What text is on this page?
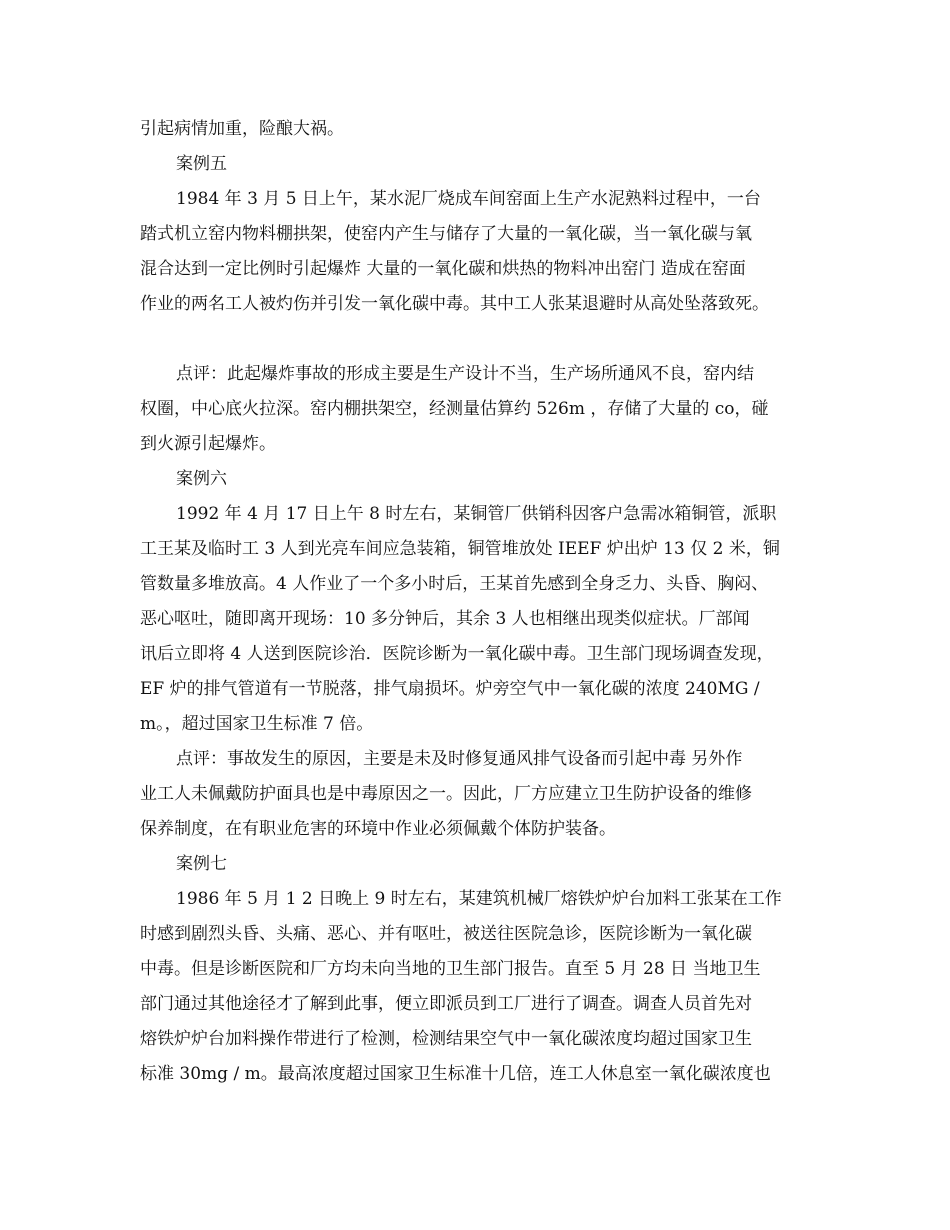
引起病情加重，险酿大祸。
案例五
1984 年 3 月 5 日上午，某水泥厂烧成车间窑面上生产水泥熟料过程中，一台
踏式机立窑内物料棚拱架，使窑内产生与储存了大量的一氧化碳，当一氧化碳与氧
混合达到一定比例时引起爆炸 大量的一氧化碳和烘热的物料冲出窑门 造成在窑面
作业的两名工人被灼伤并引发一氧化碳中毒。其中工人张某退避时从高处坠落致死。
点评：此起爆炸事故的形成主要是生产设计不当，生产场所通风不良，窑内结
权圈，中心底火拉深。窑内棚拱架空，经测量估算约 526m ，存储了大量的 co，碰
到火源引起爆炸。
案例六
1992 年 4 月 17 日上午 8 时左右，某铜管厂供销科因客户急需冰箱铜管，派职
工王某及临时工 3 人到光亮车间应急装箱，铜管堆放处 IEEF 炉出炉 13 仅 2 米，铜
管数量多堆放高。4 人作业了一个多小时后，王某首先感到全身乏力、头昏、胸闷、
恶心呕吐，随即离开现场：10 多分钟后，其余 3 人也相继出现类似症状。厂部闻
讯后立即将 4 人送到医院诊治．医院诊断为一氧化碳中毒。卫生部门现场调查发现，
EF 炉的排气管道有一节脱落，排气扇损坏。炉旁空气中一氧化碳的浓度 240MG /
m。，超过国家卫生标准 7 倍。
点评：事故发生的原因，主要是未及时修复通风排气设备而引起中毒 另外作
业工人未佩戴防护面具也是中毒原因之一。因此，厂方应建立卫生防护设备的维修
保养制度，在有职业危害的环境中作业必须佩戴个体防护装备。
案例七
1986 年 5 月 1 2 日晚上 9 时左右，某建筑机械厂熔铁炉炉台加料工张某在工作
时感到剧烈头昏、头痛、恶心、并有呕吐，被送往医院急诊，医院诊断为一氧化碳
中毒。但是诊断医院和厂方均未向当地的卫生部门报告。直至 5 月 28 日 当地卫生
部门通过其他途径才了解到此事，便立即派员到工厂进行了调查。调查人员首先对
熔铁炉炉台加料操作带进行了检测，检测结果空气中一氧化碳浓度均超过国家卫生
标准 30mg / m。最高浓度超过国家卫生标准十几倍，连工人休息室一氧化碳浓度也
